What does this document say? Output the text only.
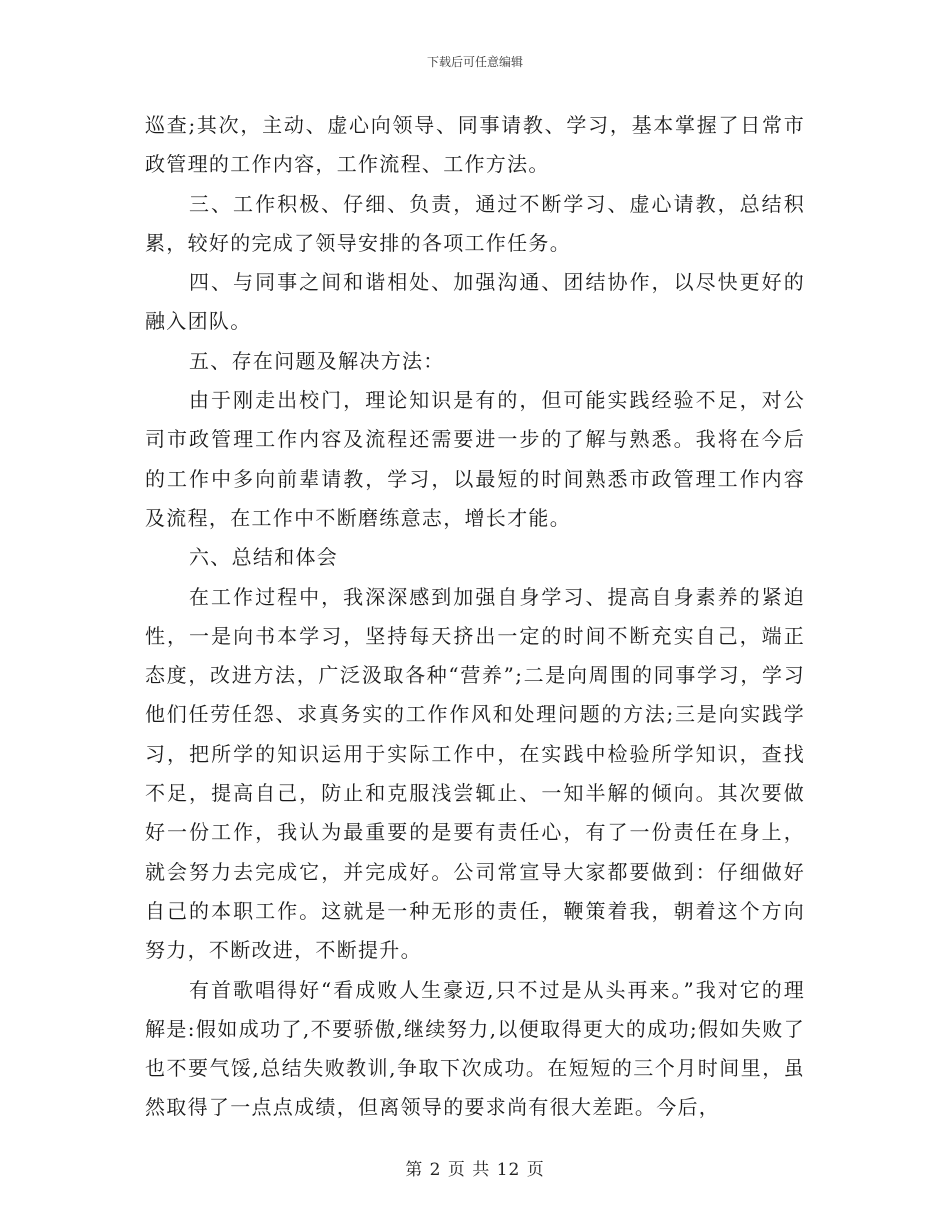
下载后可任意编辑

巡查;其次，主动、虚心向领导、同事请教、学习，基本掌握了日常市政管理的工作内容，工作流程、工作方法。

三、工作积极、仔细、负责，通过不断学习、虚心请教，总结积累，较好的完成了领导安排的各项工作任务。

四、与同事之间和谐相处、加强沟通、团结协作，以尽快更好的融入团队。

五、存在问题及解决方法：

由于刚走出校门，理论知识是有的，但可能实践经验不足，对公司市政管理工作内容及流程还需要进一步的了解与熟悉。我将在今后的工作中多向前辈请教，学习，以最短的时间熟悉市政管理工作内容及流程，在工作中不断磨练意志，增长才能。

六、总结和体会

在工作过程中，我深深感到加强自身学习、提高自身素养的紧迫性，一是向书本学习，坚持每天挤出一定的时间不断充实自己，端正态度，改进方法，广泛汲取各种“营养”;二是向周围的同事学习，学习他们任劳任怨、求真务实的工作作风和处理问题的方法;三是向实践学习，把所学的知识运用于实际工作中，在实践中检验所学知识，查找不足，提高自己，防止和克服浅尝辄止、一知半解的倾向。其次要做好一份工作，我认为最重要的是要有责任心，有了一份责任在身上，就会努力去完成它，并完成好。公司常宣导大家都要做到：仔细做好自己的本职工作。这就是一种无形的责任，鞭策着我，朝着这个方向努力，不断改进，不断提升。

有首歌唱得好“看成败人生豪迈,只不过是从头再来。”我对它的理解是:假如成功了,不要骄傲,继续努力,以便取得更大的成功;假如失败了也不要气馁,总结失败教训,争取下次成功。在短短的三个月时间里，虽然取得了一点点成绩，但离领导的要求尚有很大差距。今后，

第 2 页 共 12 页
